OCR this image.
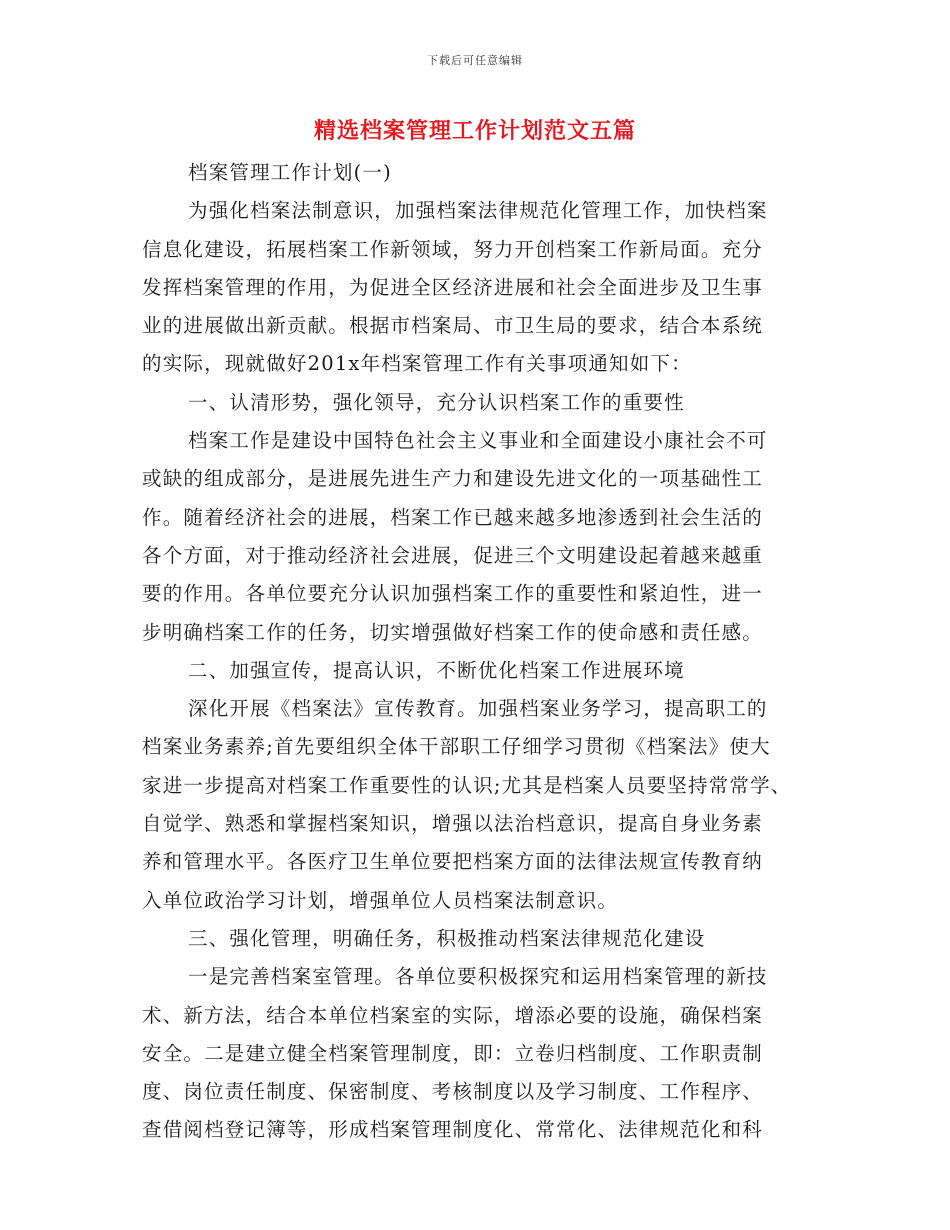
下载后可任意编辑
精选档案管理工作计划范文五篇
档案管理工作计划(一)
为强化档案法制意识，加强档案法律规范化管理工作，加快档案
信息化建设，拓展档案工作新领域，努力开创档案工作新局面。充分
发挥档案管理的作用，为促进全区经济进展和社会全面进步及卫生事
业的进展做出新贡献。根据市档案局、市卫生局的要求，结合本系统
的实际，现就做好201x年档案管理工作有关事项通知如下：
一、认清形势，强化领导，充分认识档案工作的重要性
档案工作是建设中国特色社会主义事业和全面建设小康社会不可
或缺的组成部分，是进展先进生产力和建设先进文化的一项基础性工
作。随着经济社会的进展，档案工作已越来越多地渗透到社会生活的
各个方面，对于推动经济社会进展，促进三个文明建设起着越来越重
要的作用。各单位要充分认识加强档案工作的重要性和紧迫性，进一
步明确档案工作的任务，切实增强做好档案工作的使命感和责任感。
二、加强宣传，提高认识，不断优化档案工作进展环境
深化开展《档案法》宣传教育。加强档案业务学习，提高职工的
档案业务素养;首先要组织全体干部职工仔细学习贯彻《档案法》使大
家进一步提高对档案工作重要性的认识;尤其是档案人员要坚持常常学、
自觉学、熟悉和掌握档案知识，增强以法治档意识，提高自身业务素
养和管理水平。各医疗卫生单位要把档案方面的法律法规宣传教育纳
入单位政治学习计划，增强单位人员档案法制意识。
三、强化管理，明确任务，积极推动档案法律规范化建设
一是完善档案室管理。各单位要积极探究和运用档案管理的新技
术、新方法，结合本单位档案室的实际，增添必要的设施，确保档案
安全。二是建立健全档案管理制度，即：立卷归档制度、工作职责制
度、岗位责任制度、保密制度、考核制度以及学习制度、工作程序、
查借阅档登记簿等，形成档案管理制度化、常常化、法律规范化和科
